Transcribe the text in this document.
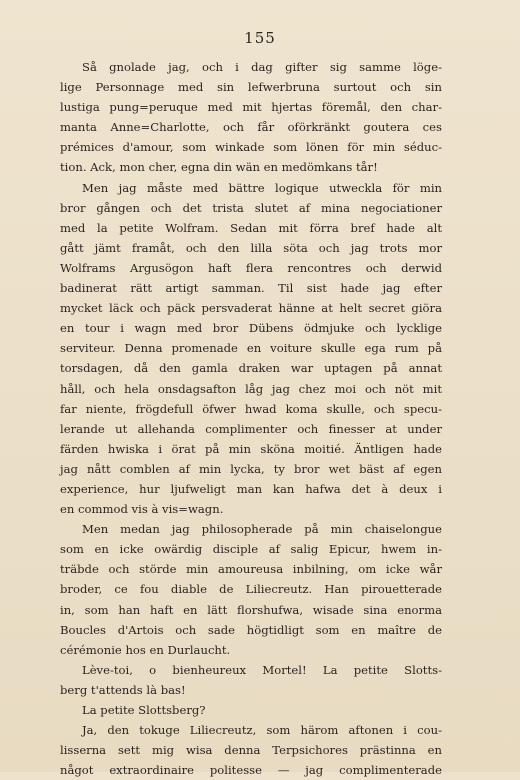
155
Så gnolade jag, och i dag gifter sig samme löge-
lige Personnage med sin lefwerbruna surtout och sin
lustiga pung=peruque med mit hjertas föremål, den char-
manta Anne=Charlotte, och får oförkränkt goutera ces
prémices d'amour, som winkade som lönen för min séduc-
tion. Ack, mon cher, egna din wän en medömkans tår!
Men jag måste med bättre logique utweckla för min
bror gången och det trista slutet af mina negociationer
med la petite Wolfram. Sedan mit förra bref hade alt
gått jämt framåt, och den lilla söta och jag trots mor
Wolframs Argusögon haft flera rencontres och derwid
badinerat rätt artigt samman. Til sist hade jag efter
mycket läck och päck persvaderat hänne at helt secret giöra
en tour i wagn med bror Dübens ödmjuke och lycklige
serviteur. Denna promenade en voiture skulle ega rum på
torsdagen, då den gamla draken war uptagen på annat
håll, och hela onsdagsafton låg jag chez moi och nöt mit
far niente, frögdefull öfwer hwad koma skulle, och specu-
lerande ut allehanda complimenter och finesser at under
färden hwiska i örat på min sköna moitié. Äntligen hade
jag nått comblen af min lycka, ty bror wet bäst af egen
experience, hur ljufweligt man kan hafwa det à deux i
en commod vis à vis=wagn.
Men medan jag philosopherade på min chaiselongue
som en icke owärdig disciple af salig Epicur, hwem in-
träbde och störde min amoureusa inbilning, om icke wår
broder, ce fou diable de Liliecreutz. Han pirouetterade
in, som han haft en lätt florshufwa, wisade sina enorma
Boucles d'Artois och sade högtidligt som en maître de
cérémonie hos en Durlaucht.
Lève-toi, o bienheureux Mortel! La petite Slotts-
berg t'attends là bas!
La petite Slottsberg?
Ja, den tokuge Liliecreutz, som härom aftonen i cou-
lisserna sett mig wisa denna Terpsichores prästinna en
något extraordinaire politesse — jag complimenterade
